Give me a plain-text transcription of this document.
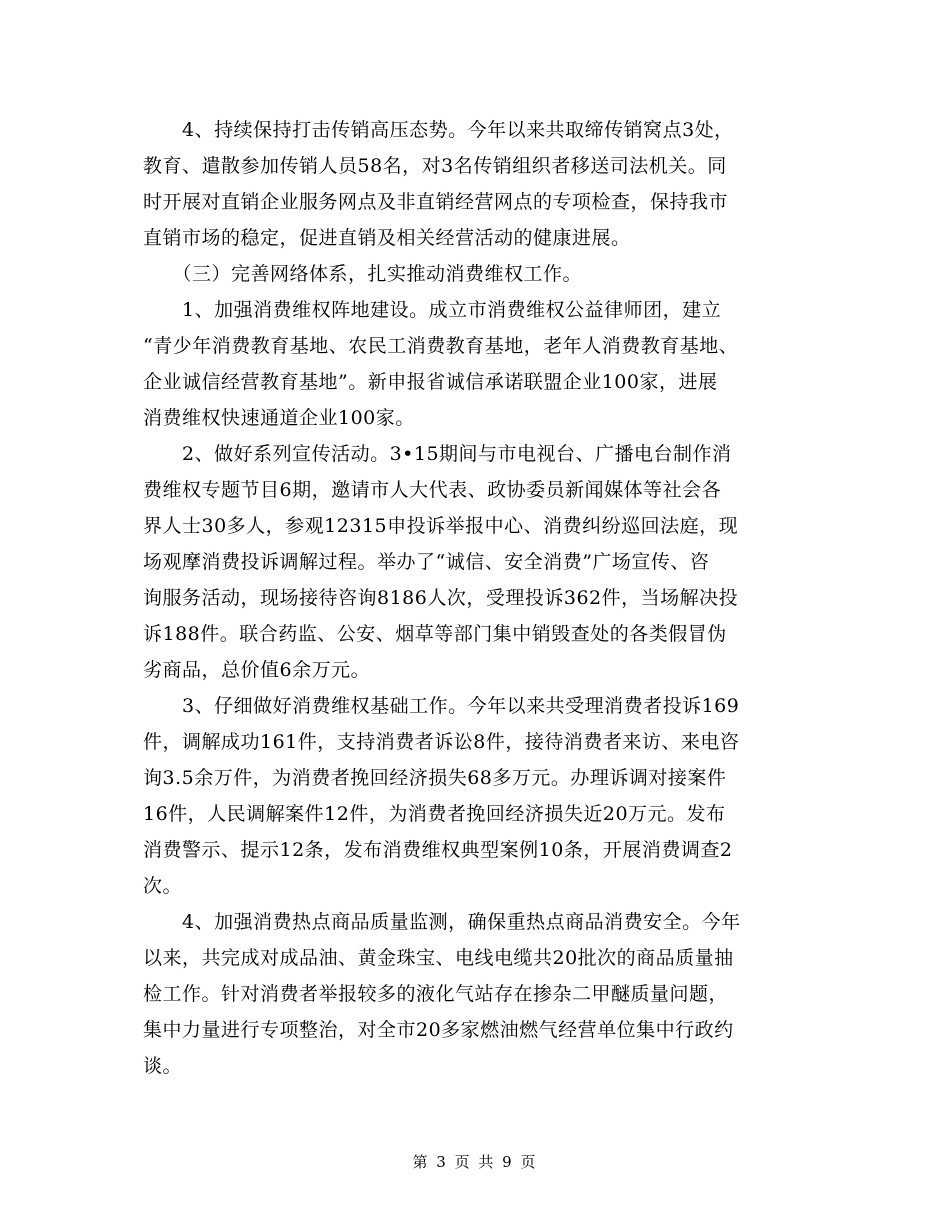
　　4、持续保持打击传销高压态势。今年以来共取缔传销窝点3处，
教育、遣散参加传销人员58名，对3名传销组织者移送司法机关。同
时开展对直销企业服务网点及非直销经营网点的专项检查，保持我市
直销市场的稳定，促进直销及相关经营活动的健康进展。
　　（三）完善网络体系，扎实推动消费维权工作。
　　1、加强消费维权阵地建设。成立市消费维权公益律师团，建立
“青少年消费教育基地、农民工消费教育基地，老年人消费教育基地、
企业诚信经营教育基地”。新申报省诚信承诺联盟企业100家，进展
消费维权快速通道企业100家。
　　2、做好系列宣传活动。3•15期间与市电视台、广播电台制作消
费维权专题节目6期，邀请市人大代表、政协委员新闻媒体等社会各
界人士30多人，参观12315申投诉举报中心、消费纠纷巡回法庭，现
场观摩消费投诉调解过程。举办了“诚信、安全消费”广场宣传、咨
询服务活动，现场接待咨询8186人次，受理投诉362件，当场解决投
诉188件。联合药监、公安、烟草等部门集中销毁查处的各类假冒伪
劣商品，总价值6余万元。
　　3、仔细做好消费维权基础工作。今年以来共受理消费者投诉169
件，调解成功161件，支持消费者诉讼8件，接待消费者来访、来电咨
询3.5余万件，为消费者挽回经济损失68多万元。办理诉调对接案件
16件，人民调解案件12件，为消费者挽回经济损失近20万元。发布
消费警示、提示12条，发布消费维权典型案例10条，开展消费调查2
次。
　　4、加强消费热点商品质量监测，确保重热点商品消费安全。今年
以来，共完成对成品油、黄金珠宝、电线电缆共20批次的商品质量抽
检工作。针对消费者举报较多的液化气站存在掺杂二甲醚质量问题，
集中力量进行专项整治，对全市20多家燃油燃气经营单位集中行政约
谈。
第 3 页 共 9 页
